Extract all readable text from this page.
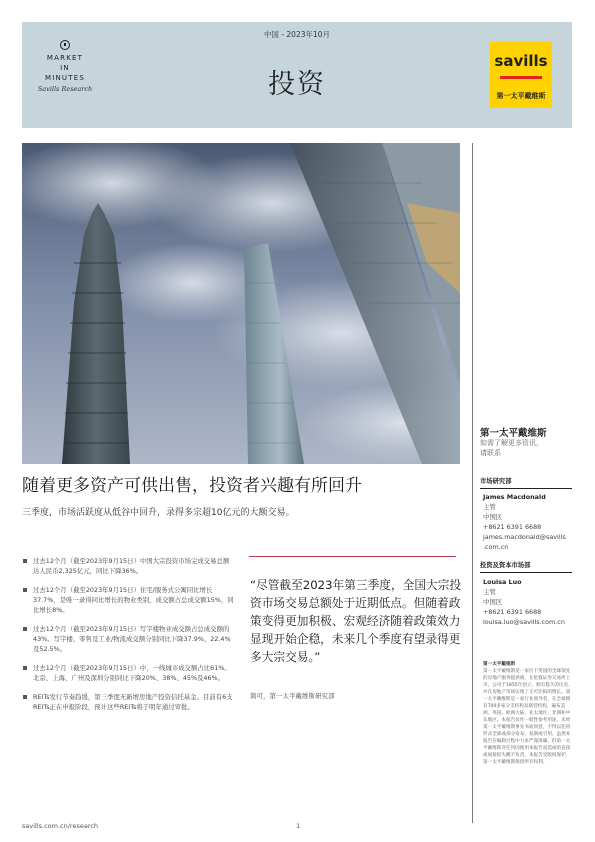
MARKET
IN
MINUTES
Savills Research
中国 - 2023年10月
投资
savills
第一太平戴维斯
随着更多资产可供出售，投资者兴趣有所回升
三季度，市场活跃度从低谷中回升，录得多宗超10亿元的大额交易。
过去12个月（截至2023年9月15日）中国大宗投资市场完成交易总额达人民币2,325亿元，同比下降36%。
过去12个月（截至2023年9月15日）住宅/服务式公寓同比增长37.7%，是唯一录得同比增长的物业类别，成交额占总成交额15%，同比增长8%。
过去12个月（截至2023年9月15日）写字楼物业成交额占总成交额的43%。写字楼、零售及工业/物流成交额分别同比下降37.9%、22.4%及52.5%。
过去12个月（截至2023年9月15日）中，一线城市成交额占比61%。北京、上海、广州及深圳分别同比下降20%、38%、45%及46%。
REITs发行节奏趋缓，第三季度无新增房地产投资信托基金。目前有6支REITs正在申报阶段，预计这些REITs将于明年通过审批。
“尽管截至2023年第三季度，全国大宗投资市场交易总额处于近期低点。但随着政策变得更加积极、宏观经济随着政策效力显现开始企稳，未来几个季度有望录得更多大宗交易。”
简可，第一太平戴维斯研究部
第一太平戴维斯
如需了解更多资讯，
请联系
市场研究部
James Macdonald
主管
中国区
+8621 6391 6688
james.macdonald@savills
.com.cn
投资及资本市场部
Louisa Luo
主管
中国区
+8621 6391 6688
louisa.luo@savills.com.cn
第一太平戴维斯
第一太平戴维斯是一家位于英国的全球领先的房地产服务提供商，在伦敦证券交易所上市。公司于1855年创立，拥有悠久的历史，并在房地产市场实现了无可比拟的增长。第一太平戴维斯是一家行业领导者，在全球拥有700多家分支机构及联营机构，遍布美洲、英国、欧洲大陆、亚太地区、非洲和中东地区。本报告仅作一般性参考用途，未经第一太平戴维斯事先书面同意，不得以任何形式全部或部分发布、复制或引用。虽然本报告在编制过程中力求严谨准确，但第一太平戴维斯对任何因使用本报告而造成的直接或间接损失概不负责。本报告受版权保护，第一太平戴维斯保留所有权利。
savills.com.cn/research	1
